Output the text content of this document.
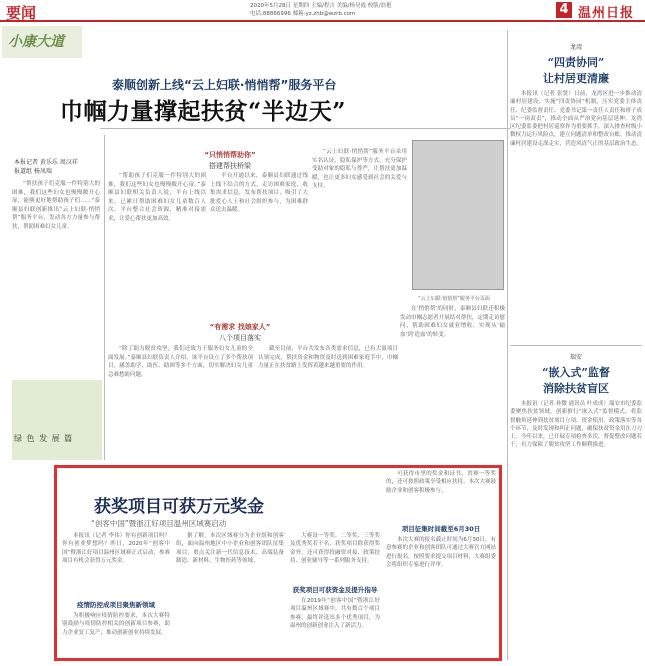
要闻	2020年5月28日 星期四 主编/程吉 美编/杨昊霞 校版/翁艳
电话:88866996 邮箱:yz.zhb@wzrb.com	4 温州日报
小康大道
泰顺创新上线“云上妇联·悄悄帮”服务平台
巾帼力量撑起扶贫“半边天”
本报记者 黄乐乐 周汉祥
报道组 杨凤瑞

“帮扶孩子们克服一件特别大的困难，我们这些妇女也慢慢敞开心扉，能够更好地帮助孩子们……”泰顺县妇联创新推出“云上妇联·悄悄帮”服务平台，发动各方力量参与帮扶，帮助困难妇女儿童。

绿 色 发 展 篇
“只悄悄帮助你”
搭建帮扶桥梁

“帮助孩子们克服一件特别大的困难，我们这些妇女也慢慢敞开心扉。”泰顺县妇联相关负责人说，平台上线以来，已累计帮助困难妇女儿童数百人次。平台整合社会资源，精准对接需求，让爱心帮扶更加高效。

平台开通以来，泰顺县妇联通过线上线下结合的方式，走访困难家庭，收集需求信息，发布帮扶项目，吸引了大批爱心人士和社会组织参与，为困难群众送去温暖。

“云上妇联·悄悄帮”服务平台采用实名认证、隐私保护等方式，充分保护受助对象的隐私与尊严，让帮扶更加温暖，也让更多妇女感受到社会的关爱与支持。

“云上妇联·悄悄帮”服务平台页面

在‘悄悄帮’的同时，泰顺县妇联还积极发动巾帼志愿者开展结对帮扶，定期走访慰问，帮助困难妇女就业增收，实现从‘输血’到‘造血’的转变。

“有需求 找娘家人”
八个项目落实

“除了助力脱贫攻坚，我们还致力于服务妇女儿童的全面发展。”泰顺县妇联负责人介绍，该平台设立了多个帮扶项目，涵盖助学、助医、助困等多个方面，切实解决妇女儿童急难愁盼问题。

截至目前，平台共发布各类需求信息，已有大量项目认领完成，帮扶资金和物资及时送到困难家庭手中，巾帼力量正在扶贫路上发挥着越来越重要的作用。

龙湾
“四责协同”
让村居更清廉

本报讯（记者 张贤）日前，龙湾区进一步推动清廉村居建设，实施“四责协同”机制，压实党委主体责任、纪委监督责任、党委书记第一责任人责任和班子成员“一岗双责”，推动全面从严治党向基层延伸。龙湾区纪委监委把村居巡察作为重要抓手，深入排查村级小微权力运行风险点，建立问题清单和整改台账，推动清廉村居建设走深走实，营造风清气正的基层政治生态。

瑞安
“嵌入式”监督
消除扶贫盲区

本报讯（记者 孙微 通讯员 叶成成）瑞安市纪委监委聚焦扶贫领域，创新推行“嵌入式”监督模式，将监督触角延伸到扶贫项目立项、资金使用、政策落实等各个环节，及时发现和纠正问题，确保扶贫资金用在刀刃上。今年以来，已开展专项检查多次，督促整改问题若干，有力保障了脱贫攻坚工作顺利推进。

获奖项目可获万元奖金
“创客中国”暨浙江好项目温州区域赛启动

本报讯（记者 李伟）你有创新项目吗？你有创业梦想吗？昨日，2020年“创客中国”暨浙江好项目温州区域赛正式启动，参赛项目有机会获得万元奖金。

疫情防控成项目聚焦新领域

为积极响应疫情防控要求，本次大赛特别鼓励与疫情防控相关的创新项目参赛，助力企业复工复产，推动创新创业持续发展。

据了解，本次区域赛分为企业组和创客组，面向温州地区中小企业和创客团队征集项目，重点关注新一代信息技术、高端装备制造、新材料、生物医药等领域。

大赛设一等奖、二等奖、三等奖及优秀奖若干名，获奖项目除获得奖金外，还可获得投融资对接、政策扶持、创业辅导等一系列服务支持。

获奖项目可获资金及提升指导

在2019年“创客中国”暨浙江好项目温州区域赛中，共有数百个项目参赛，最终评选出多个优秀项目，为温州的创新创业注入了新活力。

可获得市里的奖金和证书，省赛一等奖的，还可按照政策享受相应扶持。本次大赛鼓励企业和创客积极参与。

项目征集时间截至6月30日

本次大赛的报名截止时间为6月30日，有意参赛的企业和创客团队可通过大赛官方网站进行报名，按照要求提交项目材料，大赛组委会将组织专家进行评审。
